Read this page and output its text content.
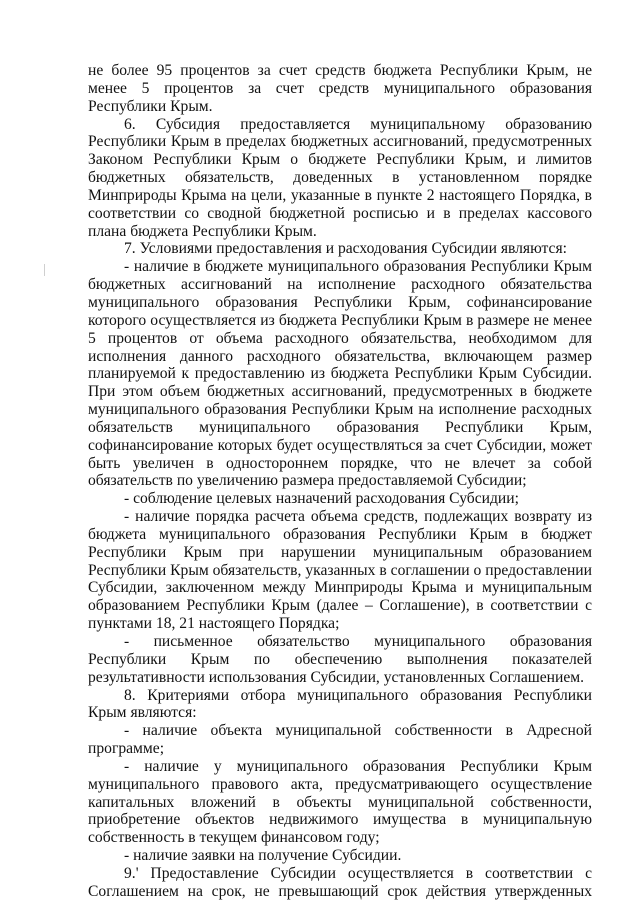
не более 95 процентов за счет средств бюджета Республики Крым, не менее 5 процентов за счет средств муниципального образования Республики Крым.

6. Субсидия предоставляется муниципальному образованию Республики Крым в пределах бюджетных ассигнований, предусмотренных Законом Республики Крым о бюджете Республики Крым, и лимитов бюджетных обязательств, доведенных в установленном порядке Минприроды Крыма на цели, указанные в пункте 2 настоящего Порядка, в соответствии со сводной бюджетной росписью и в пределах кассового плана бюджета Республики Крым.

7. Условиями предоставления и расходования Субсидии являются:

- наличие в бюджете муниципального образования Республики Крым бюджетных ассигнований на исполнение расходного обязательства муниципального образования Республики Крым, софинансирование которого осуществляется из бюджета Республики Крым в размере не менее 5 процентов от объема расходного обязательства, необходимом для исполнения данного расходного обязательства, включающем размер планируемой к предоставлению из бюджета Республики Крым Субсидии. При этом объем бюджетных ассигнований, предусмотренных в бюджете муниципального образования Республики Крым на исполнение расходных обязательств муниципального образования Республики Крым, софинансирование которых будет осуществляться за счет Субсидии, может быть увеличен в одностороннем порядке, что не влечет за собой обязательств по увеличению размера предоставляемой Субсидии;

- соблюдение целевых назначений расходования Субсидии;

- наличие порядка расчета объема средств, подлежащих возврату из бюджета муниципального образования Республики Крым в бюджет Республики Крым при нарушении муниципальным образованием Республики Крым обязательств, указанных в соглашении о предоставлении Субсидии, заключенном между Минприроды Крыма и муниципальным образованием Республики Крым (далее – Соглашение), в соответствии с пунктами 18, 21 настоящего Порядка;

- письменное обязательство муниципального образования Республики Крым по обеспечению выполнения показателей результативности использования Субсидии, установленных Соглашением.

8. Критериями отбора муниципального образования Республики Крым являются:

- наличие объекта муниципальной собственности в Адресной программе;

- наличие у муниципального образования Республики Крым муниципального правового акта, предусматривающего осуществление капитальных вложений в объекты муниципальной собственности, приобретение объектов недвижимого имущества в муниципальную собственность в текущем финансовом году;

- наличие заявки на получение Субсидии.

9.' Предоставление Субсидии осуществляется в соответствии с Соглашением на срок, не превышающий срок действия утвержденных
